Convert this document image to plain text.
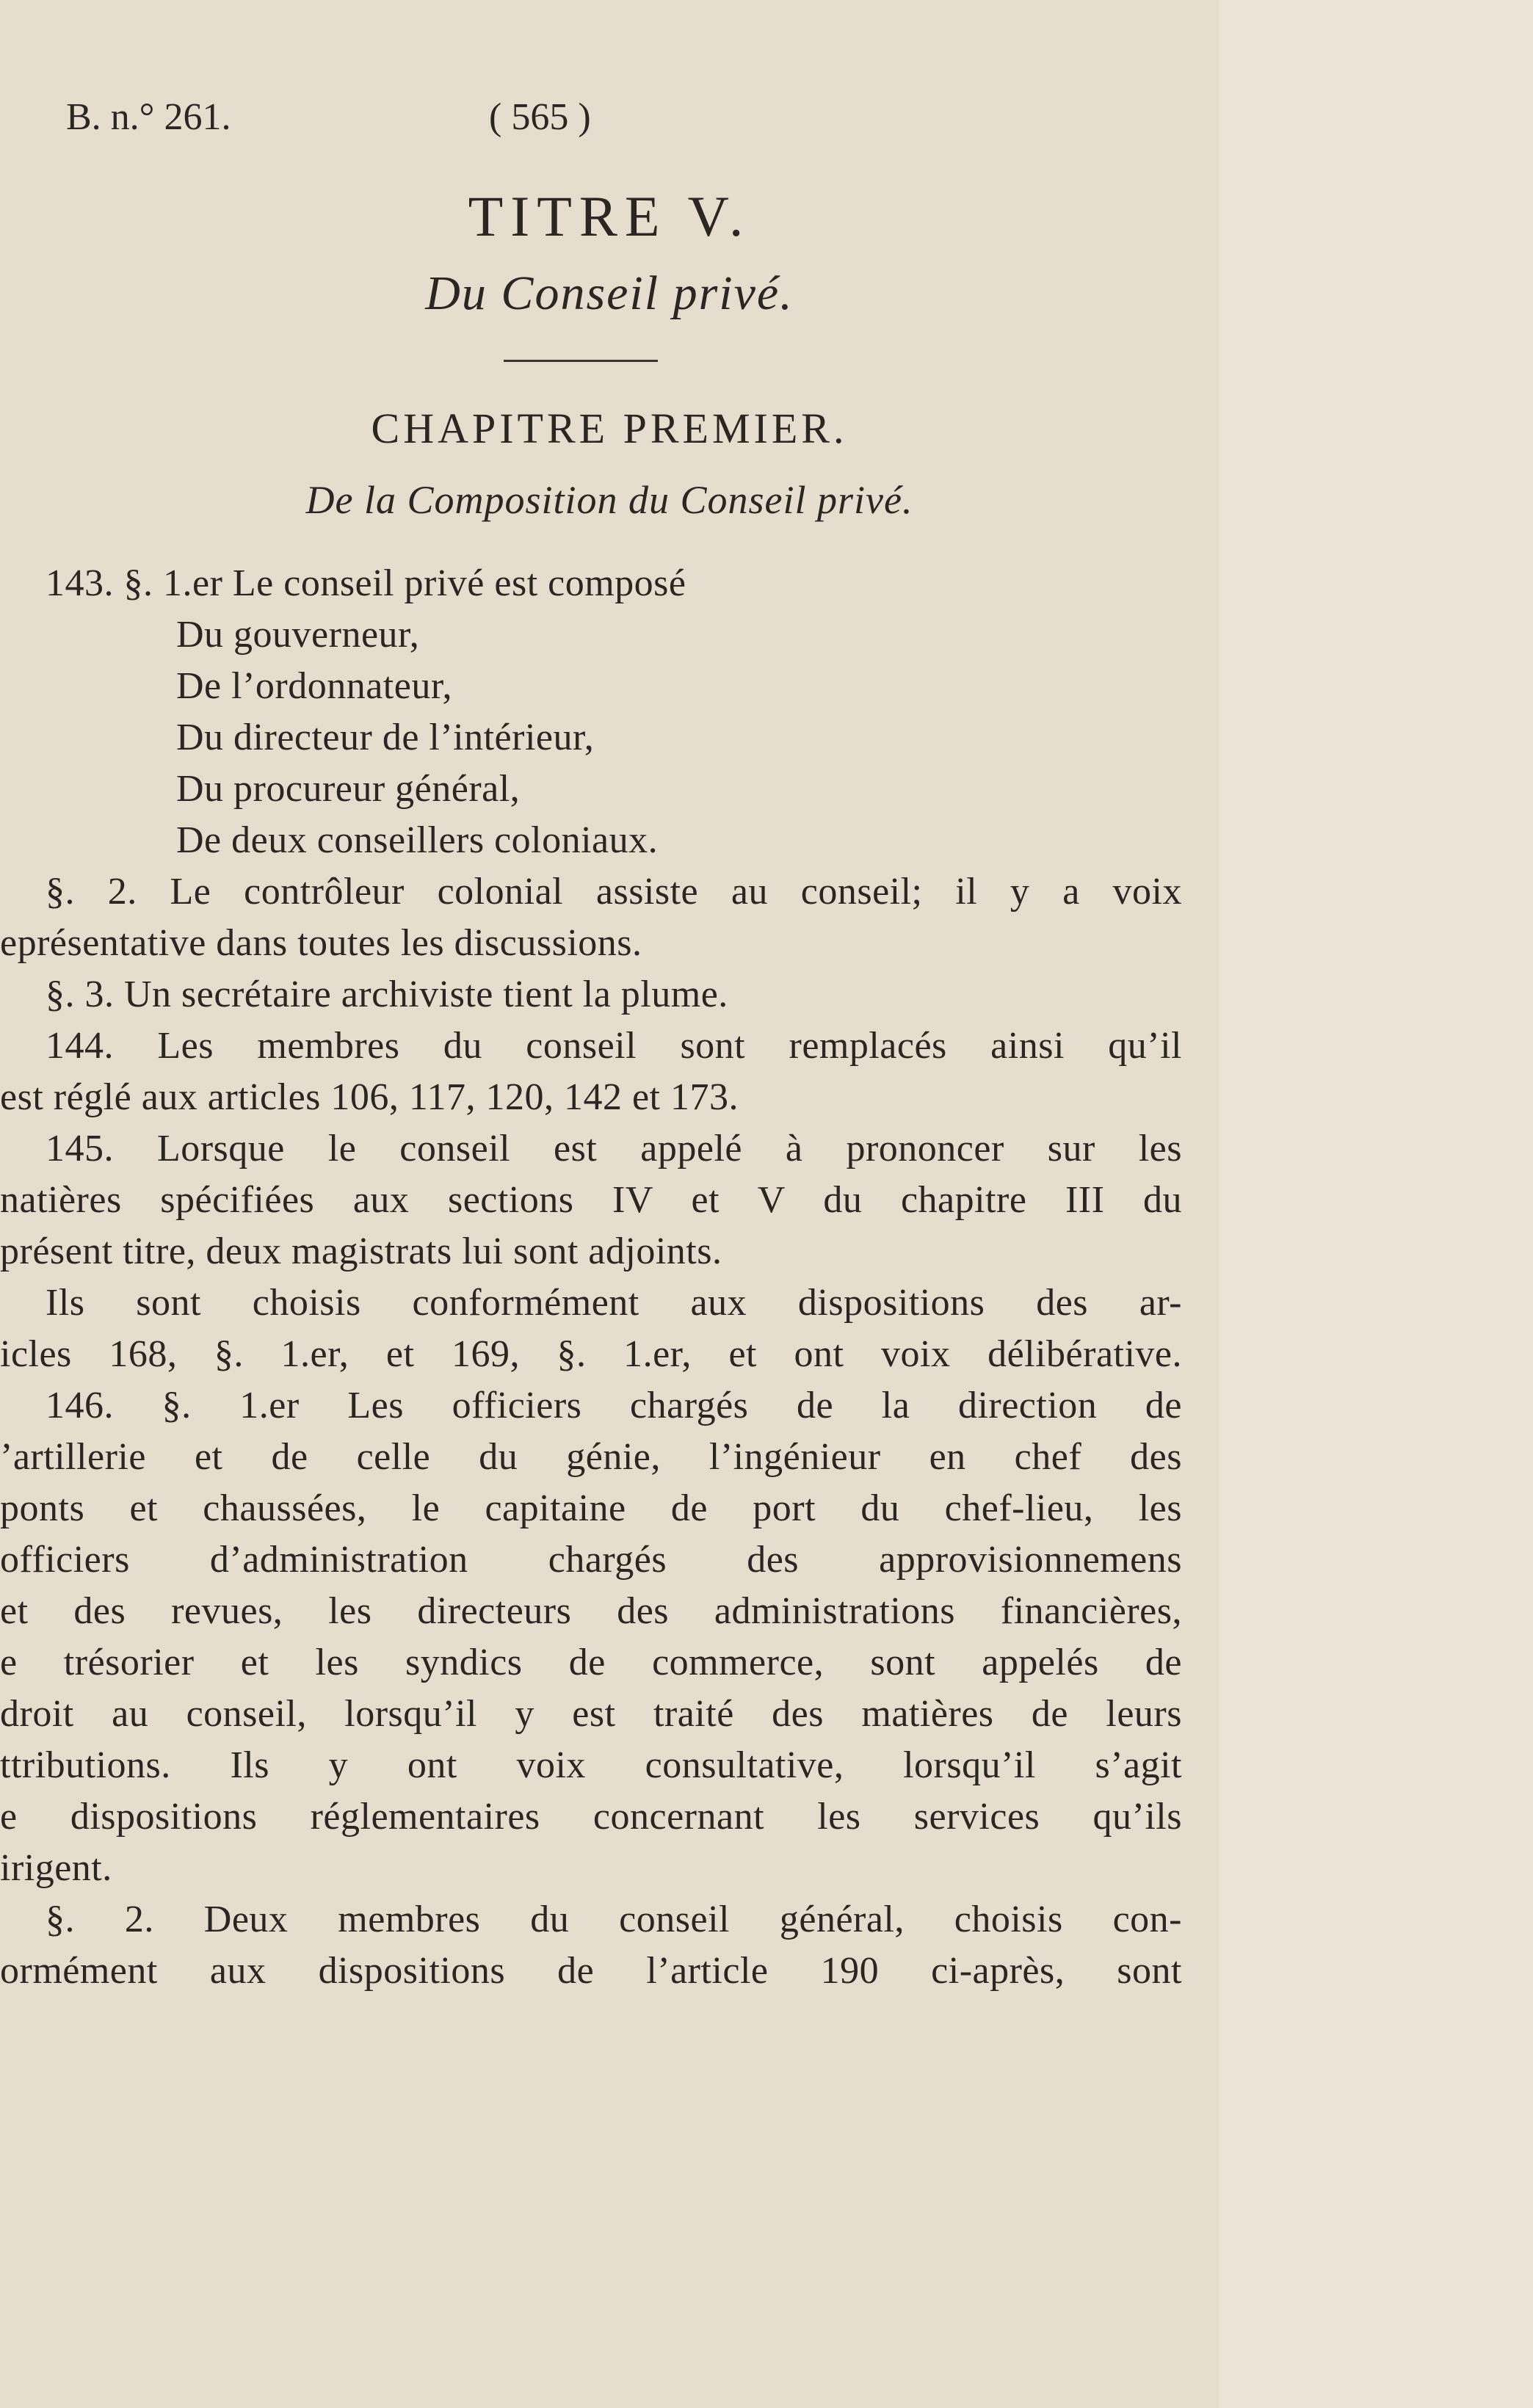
B. n.° 261.	( 565 )
TITRE V.
Du Conseil privé.
CHAPITRE PREMIER.
De la Composition du Conseil privé.
143. §. 1.er Le conseil privé est composé
Du gouverneur,
De l’ordonnateur,
Du directeur de l’intérieur,
Du procureur général,
De deux conseillers coloniaux.
§. 2. Le contrôleur colonial assiste au conseil; il y a voix
eprésentative dans toutes les discussions.
§. 3. Un secrétaire archiviste tient la plume.
144. Les membres du conseil sont remplacés ainsi qu’il
est réglé aux articles 106, 117, 120, 142 et 173.
145. Lorsque le conseil est appelé à prononcer sur les
natières spécifiées aux sections IV et V du chapitre III du
présent titre, deux magistrats lui sont adjoints.
Ils sont choisis conformément aux dispositions des ar-
icles 168, §. 1.er, et 169, §. 1.er, et ont voix délibérative.
146. §. 1.er Les officiers chargés de la direction de
’artillerie et de celle du génie, l’ingénieur en chef des
ponts et chaussées, le capitaine de port du chef-lieu, les
officiers d’administration chargés des approvisionnemens
et des revues, les directeurs des administrations financières,
e trésorier et les syndics de commerce, sont appelés de
droit au conseil, lorsqu’il y est traité des matières de leurs
ttributions. Ils y ont voix consultative, lorsqu’il s’agit
e dispositions réglementaires concernant les services qu’ils
irigent.
§. 2. Deux membres du conseil général, choisis con-
ormément aux dispositions de l’article 190 ci-après, sont
